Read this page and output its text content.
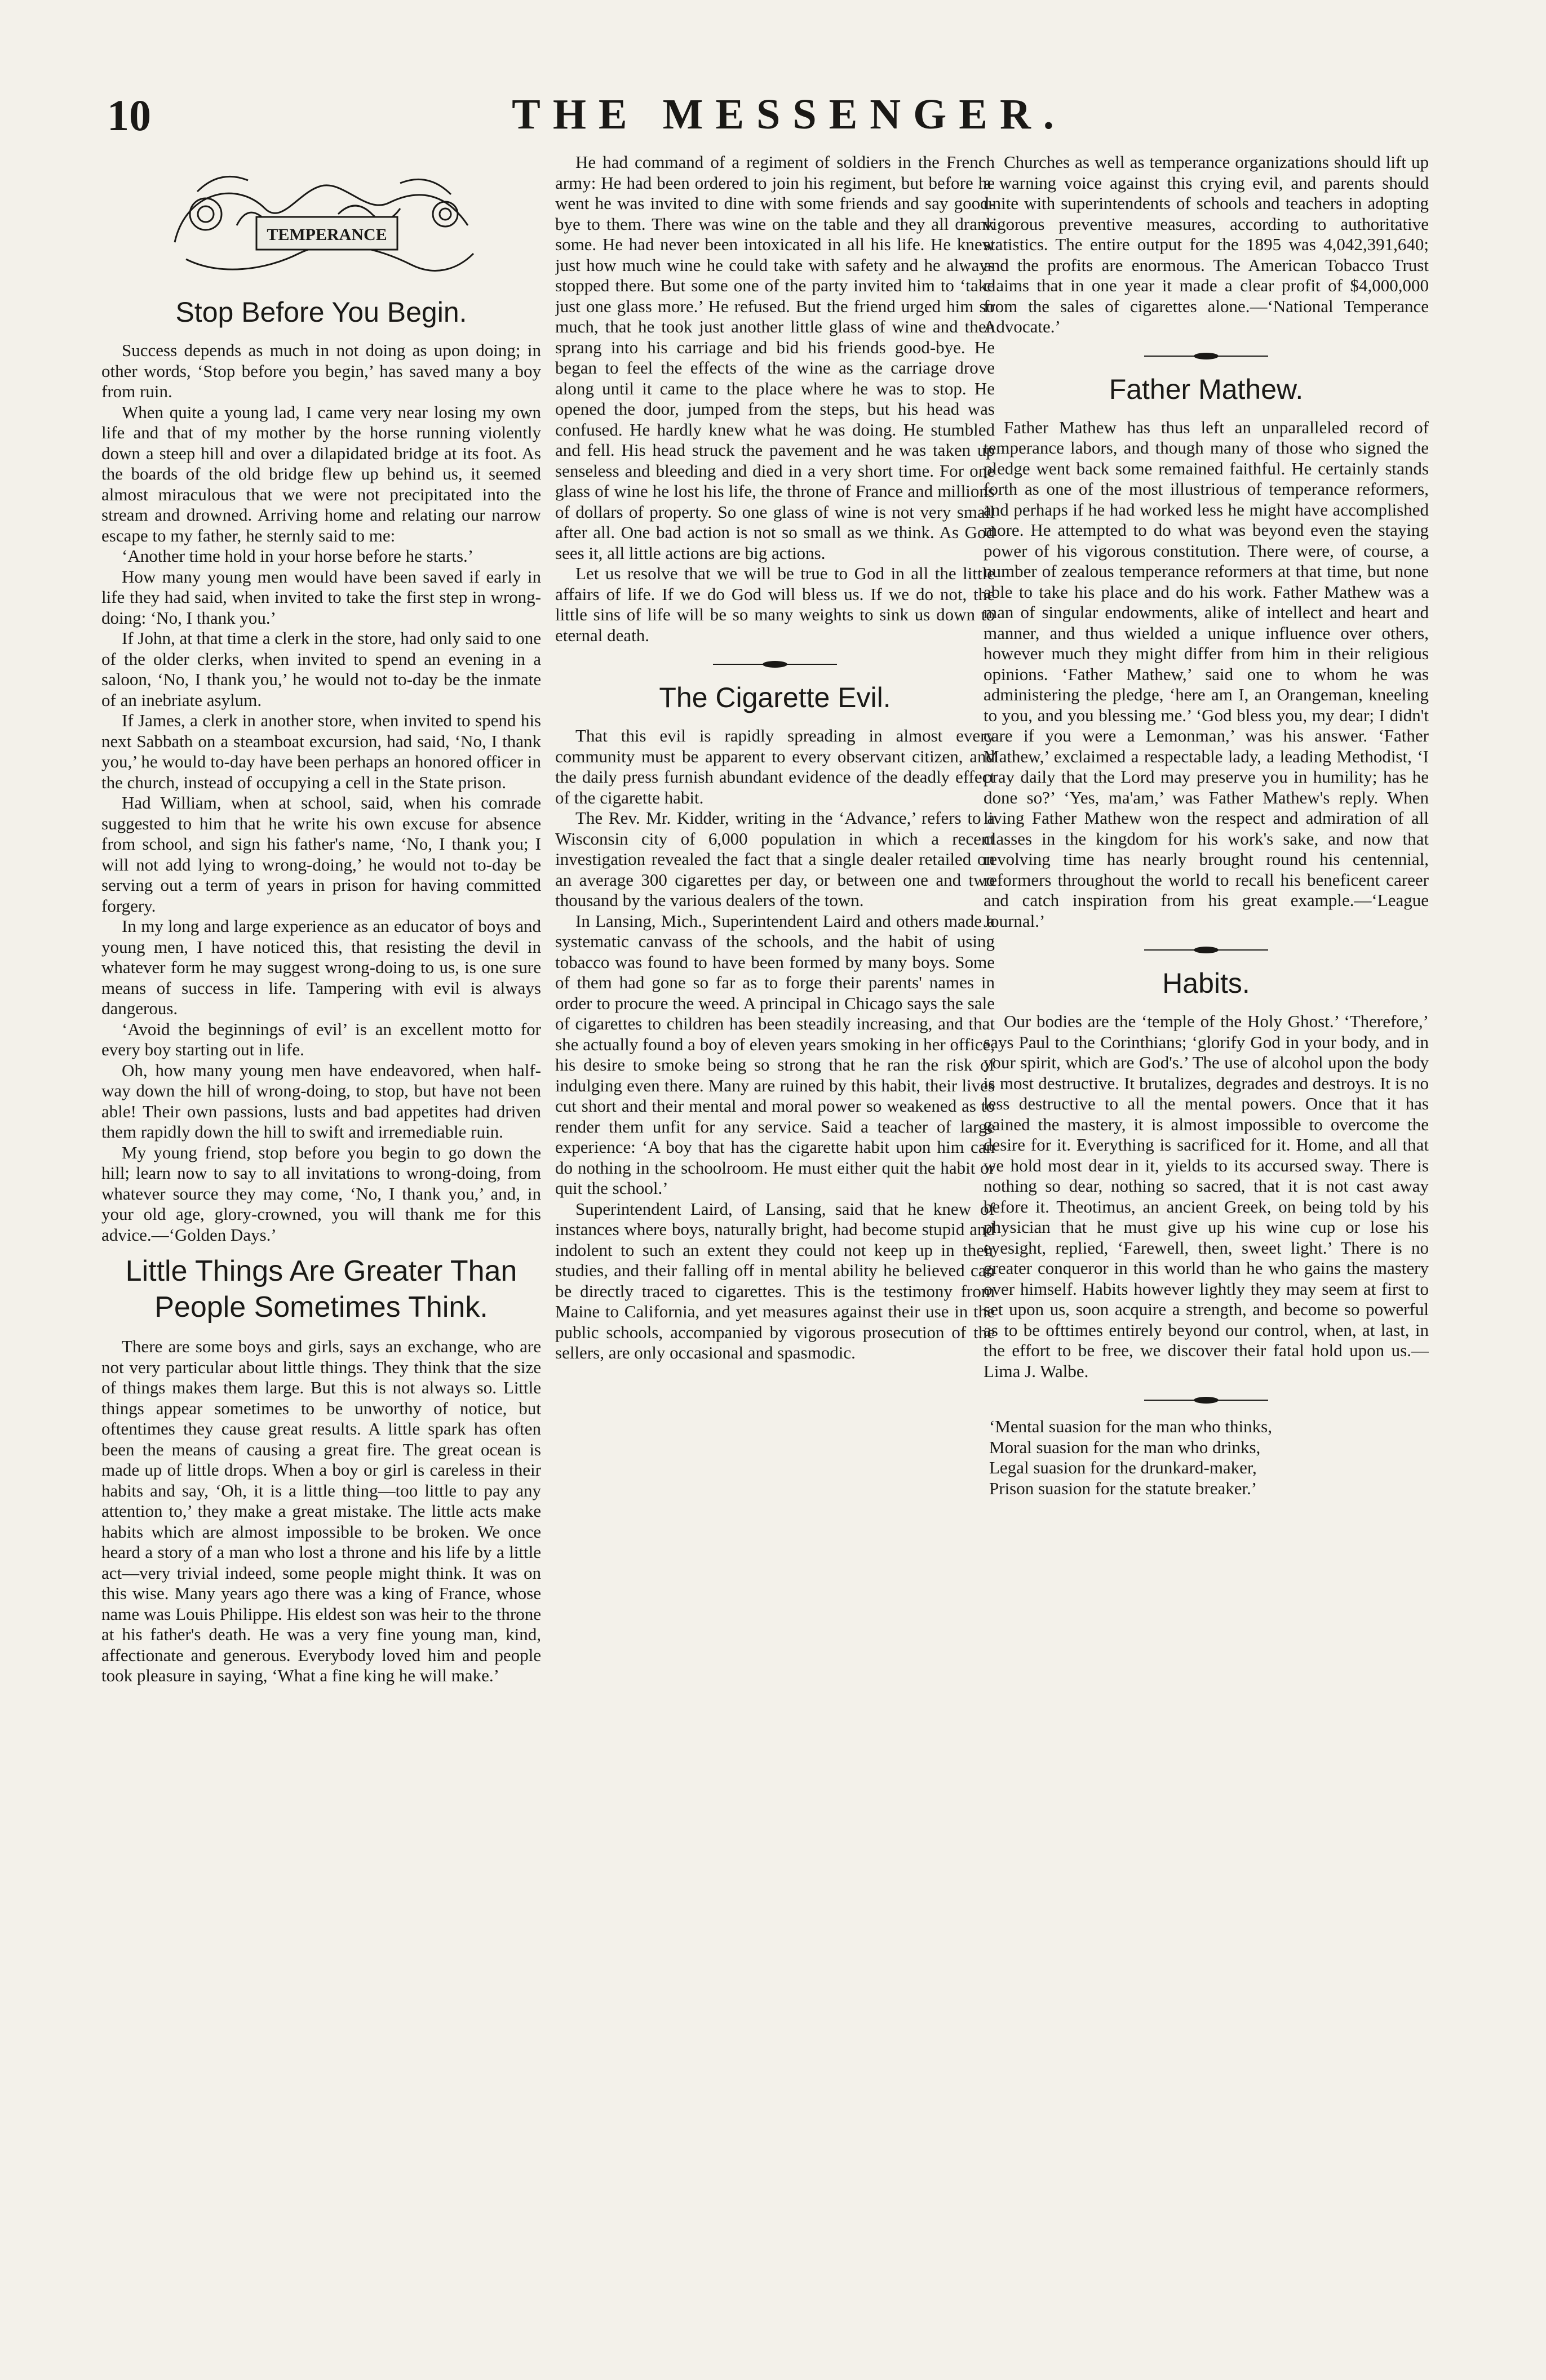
10	THE MESSENGER.
TEMPERANCE
Stop Before You Begin.

Success depends as much in not doing as upon doing; in other words, ‘Stop before you begin,’ has saved many a boy from ruin.

When quite a young lad, I came very near losing my own life and that of my mother by the horse running violently down a steep hill and over a dilapidated bridge at its foot. As the boards of the old bridge flew up behind us, it seemed almost miraculous that we were not precipitated into the stream and drowned. Arriving home and relating our narrow escape to my father, he sternly said to me:

‘Another time hold in your horse before he starts.’

How many young men would have been saved if early in life they had said, when invited to take the first step in wrong-doing: ‘No, I thank you.’

If John, at that time a clerk in the store, had only said to one of the older clerks, when invited to spend an evening in a saloon, ‘No, I thank you,’ he would not to-day be the inmate of an inebriate asylum.

If James, a clerk in another store, when invited to spend his next Sabbath on a steamboat excursion, had said, ‘No, I thank you,’ he would to-day have been perhaps an honored officer in the church, instead of occupying a cell in the State prison.

Had William, when at school, said, when his comrade suggested to him that he write his own excuse for absence from school, and sign his father's name, ‘No, I thank you; I will not add lying to wrong-doing,’ he would not to-day be serving out a term of years in prison for having committed forgery.

In my long and large experience as an educator of boys and young men, I have noticed this, that resisting the devil in whatever form he may suggest wrong-doing to us, is one sure means of success in life. Tampering with evil is always dangerous.

‘Avoid the beginnings of evil’ is an excellent motto for every boy starting out in life.

Oh, how many young men have endeavored, when half-way down the hill of wrong-doing, to stop, but have not been able! Their own passions, lusts and bad appetites had driven them rapidly down the hill to swift and irremediable ruin.

My young friend, stop before you begin to go down the hill; learn now to say to all invitations to wrong-doing, from whatever source they may come, ‘No, I thank you,’ and, in your old age, glory-crowned, you will thank me for this advice.—‘Golden Days.’

Little Things Are Greater Than People Sometimes Think.

There are some boys and girls, says an exchange, who are not very particular about little things. They think that the size of things makes them large. But this is not always so. Little things appear sometimes to be unworthy of notice, but oftentimes they cause great results. A little spark has often been the means of causing a great fire. The great ocean is made up of little drops. When a boy or girl is careless in their habits and say, ‘Oh, it is a little thing—too little to pay any attention to,’ they make a great mistake. The little acts make habits which are almost impossible to be broken. We once heard a story of a man who lost a throne and his life by a little act—very trivial indeed, some people might think. It was on this wise. Many years ago there was a king of France, whose name was Louis Philippe. His eldest son was heir to the throne at his father's death. He was a very fine young man, kind, affectionate and generous. Everybody loved him and people took pleasure in saying, ‘What a fine king he will make.’

He had command of a regiment of soldiers in the French army: He had been ordered to join his regiment, but before he went he was invited to dine with some friends and say good-bye to them. There was wine on the table and they all drank some. He had never been intoxicated in all his life. He knew just how much wine he could take with safety and he always stopped there. But some one of the party invited him to ‘take just one glass more.’ He refused. But the friend urged him so much, that he took just another little glass of wine and then sprang into his carriage and bid his friends good-bye. He began to feel the effects of the wine as the carriage drove along until it came to the place where he was to stop. He opened the door, jumped from the steps, but his head was confused. He hardly knew what he was doing. He stumbled and fell. His head struck the pavement and he was taken up senseless and bleeding and died in a very short time. For one glass of wine he lost his life, the throne of France and millions of dollars of property. So one glass of wine is not very small after all. One bad action is not so small as we think. As God sees it, all little actions are big actions.

Let us resolve that we will be true to God in all the little affairs of life. If we do God will bless us. If we do not, the little sins of life will be so many weights to sink us down to eternal death.

The Cigarette Evil.

That this evil is rapidly spreading in almost every community must be apparent to every observant citizen, and the daily press furnish abundant evidence of the deadly effect of the cigarette habit.

The Rev. Mr. Kidder, writing in the ‘Advance,’ refers to a Wisconsin city of 6,000 population in which a recent investigation revealed the fact that a single dealer retailed on an average 300 cigarettes per day, or between one and two thousand by the various dealers of the town.

In Lansing, Mich., Superintendent Laird and others made a systematic canvass of the schools, and the habit of using tobacco was found to have been formed by many boys. Some of them had gone so far as to forge their parents' names in order to procure the weed. A principal in Chicago says the sale of cigarettes to children has been steadily increasing, and that she actually found a boy of eleven years smoking in her office, his desire to smoke being so strong that he ran the risk of indulging even there. Many are ruined by this habit, their lives cut short and their mental and moral power so weakened as to render them unfit for any service. Said a teacher of large experience: ‘A boy that has the cigarette habit upon him can do nothing in the schoolroom. He must either quit the habit or quit the school.’

Superintendent Laird, of Lansing, said that he knew of instances where boys, naturally bright, had become stupid and indolent to such an extent they could not keep up in their studies, and their falling off in mental ability he believed can be directly traced to cigarettes. This is the testimony from Maine to California, and yet measures against their use in the public schools, accompanied by vigorous prosecution of the sellers, are only occasional and spasmodic.

Churches as well as temperance organizations should lift up a warning voice against this crying evil, and parents should unite with superintendents of schools and teachers in adopting vigorous preventive measures, according to authoritative statistics. The entire output for the 1895 was 4,042,391,640; and the profits are enormous. The American Tobacco Trust claims that in one year it made a clear profit of $4,000,000 from the sales of cigarettes alone.—‘National Temperance Advocate.’

Father Mathew.

Father Mathew has thus left an unparalleled record of temperance labors, and though many of those who signed the pledge went back some remained faithful. He certainly stands forth as one of the most illustrious of temperance reformers, and perhaps if he had worked less he might have accomplished more. He attempted to do what was beyond even the staying power of his vigorous constitution. There were, of course, a number of zealous temperance reformers at that time, but none able to take his place and do his work. Father Mathew was a man of singular endowments, alike of intellect and heart and manner, and thus wielded a unique influence over others, however much they might differ from him in their religious opinions. ‘Father Mathew,’ said one to whom he was administering the pledge, ‘here am I, an Orangeman, kneeling to you, and you blessing me.’ ‘God bless you, my dear; I didn't care if you were a Lemonman,’ was his answer. ‘Father Mathew,’ exclaimed a respectable lady, a leading Methodist, ‘I pray daily that the Lord may preserve you in humility; has he done so?’ ‘Yes, ma'am,’ was Father Mathew's reply. When living Father Mathew won the respect and admiration of all classes in the kingdom for his work's sake, and now that revolving time has nearly brought round his centennial, reformers throughout the world to recall his beneficent career and catch inspiration from his great example.—‘League Journal.’

Habits.

Our bodies are the ‘temple of the Holy Ghost.’ ‘Therefore,’ says Paul to the Corinthians; ‘glorify God in your body, and in your spirit, which are God's.’ The use of alcohol upon the body is most destructive. It brutalizes, degrades and destroys. It is no less destructive to all the mental powers. Once that it has gained the mastery, it is almost impossible to overcome the desire for it. Everything is sacrificed for it. Home, and all that we hold most dear in it, yields to its accursed sway. There is nothing so dear, nothing so sacred, that it is not cast away before it. Theotimus, an ancient Greek, on being told by his physician that he must give up his wine cup or lose his eyesight, replied, ‘Farewell, then, sweet light.’ There is no greater conqueror in this world than he who gains the mastery over himself. Habits however lightly they may seem at first to set upon us, soon acquire a strength, and become so powerful as to be ofttimes entirely beyond our control, when, at last, in the effort to be free, we discover their fatal hold upon us.—Lima J. Walbe.

‘Mental suasion for the man who thinks,
Moral suasion for the man who drinks,
Legal suasion for the drunkard-maker,
Prison suasion for the statute breaker.’
